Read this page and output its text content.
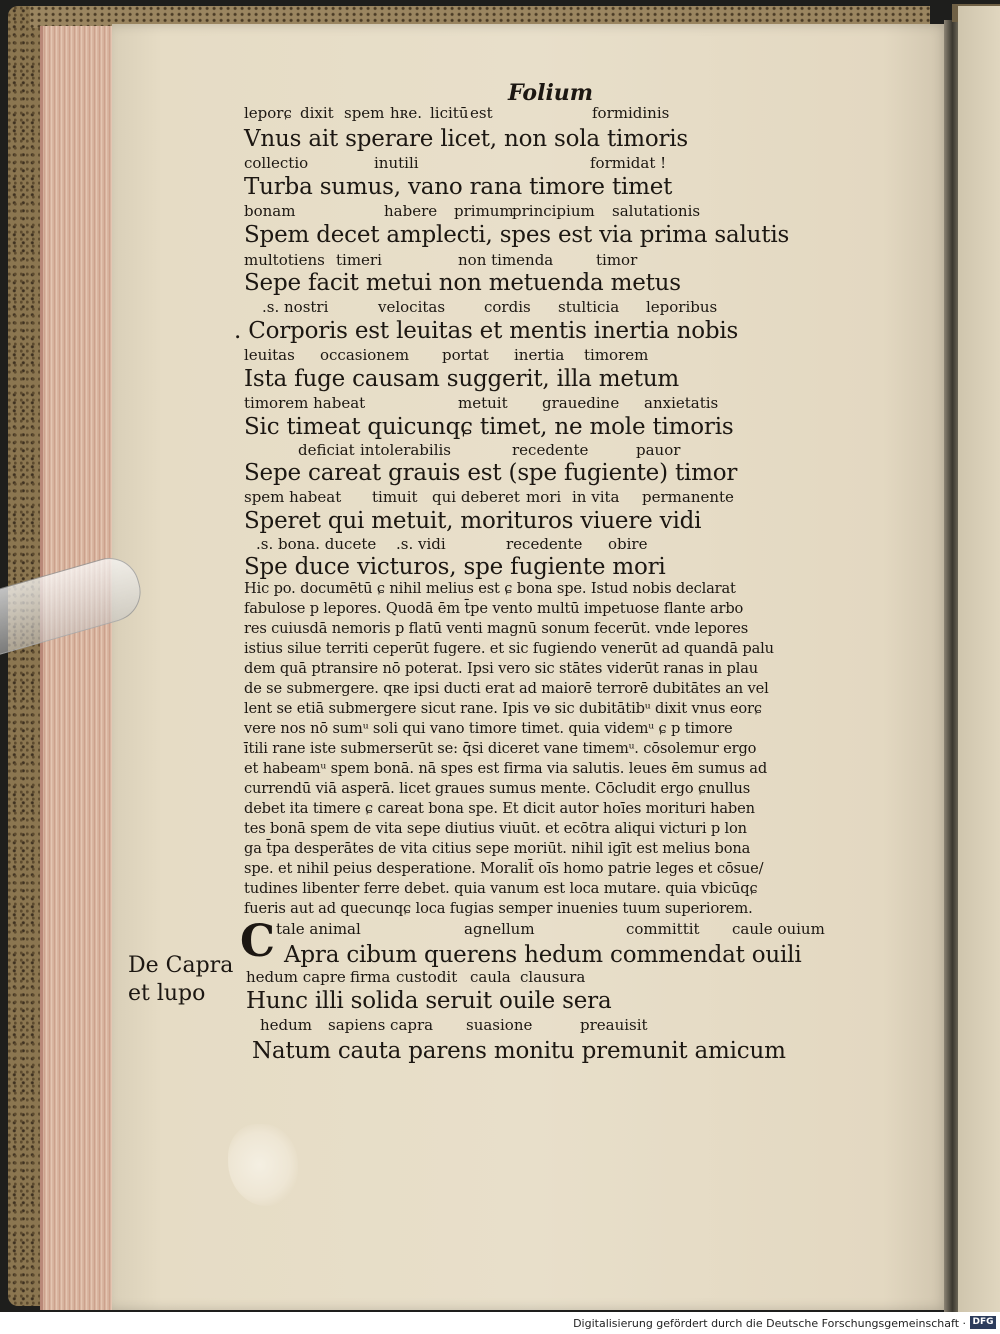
Folium
leporɕ dixit spem hʀe. licitū est	formidinis
Vnus ait sperare licet, non sola timoris
collectio	inutili	formidat !
Turba sumus, vano rana timore timet
bonam	habere primum
principium salutationis
Spem decet amplecti, spes est via prima salutis
multotiens timeri	non timenda	timor
Sepe facit metui non metuenda metus
.s. nostri	velocitas	cordis stulticia leporibus
. Corporis est leuitas et mentis inertia nobis
leuitas occasionem portat inertia timorem
Ista fuge causam suggerit, illa metum
timorem habeat	metuit grauedine anxietatis
Sic timeat quicunqɕ timet, ne mole timoris
deficiat intolerabilis	recedente	pauor
Sepe careat grauis est (spe fugiente) timor
spem habeat timuit qui deberet mori in vita permanente
Speret qui metuit, morituros viuere vidi
.s. bona. ducete .s. vidi	recedente obire
Spe duce victuros, spe fugiente mori
Hic po. documētū ɕ nihil melius est ɕ bona spe. Istud nobis declarat
fabulose p lepores. Quodā ēm t̄pe vento multū impetuose flante arbo
res cuiusdā nemoris p flatū venti magnū sonum fecerūt. vnde lepores
istius silue territi ceperūt fugere. et sic fugiendo venerūt ad quandā palu
dem quā ptransire nō poterat. Ipsi vero sic stātes viderūt ranas in plau
de se submergere. qʀe ipsi ducti erat ad maiorē terrorē dubitātes an vel
lent se etiā submergere sicut rane. Ipis vɵ sic dubitātibᵘ dixit vnus eorɕ
vere nos nō sumᵘ soli qui vano timore timet. quia videmᵘ ɕ p timore
ītili rane iste submerserūt se: q̄si diceret vane timemᵘ. cōsolemur ergo
et habeamᵘ spem bonā. nā spes est firma via salutis. leues ēm sumus ad
currendū viā asperā. licet graues sumus mente. Cōcludit ergo ɕnullus
debet ita timere ɕ careat bona spe. Et dicit autor hoīes morituri haben
tes bonā spem de vita sepe diutius viuūt. et ecōtra aliqui victuri p lon
ga t̄pa desperātes de vita citius sepe moriūt. nihil igīt est melius bona
spe. et nihil peius desperatione. Moralit̄ oīs homo patrie leges et cōsue/
tudines libenter ferre debet. quia vanum est loca mutare. quia vbicūqɕ
fueris aut ad quecunqɕ loca fugias semper inuenies tuum superiorem.
De Capra et lupo
C tale animal	agnellum	committit caule ouium
Apra cibum querens hedum commendat ouili
hedum capre firma custodit caula clausura
Hunc illi solida seruit ouile sera
hedum sapiens capra suasione	preauisit
Natum cauta parens monitu premunit amicum
Digitalisierung gefördert durch die Deutsche Forschungsgemeinschaft · DFG
